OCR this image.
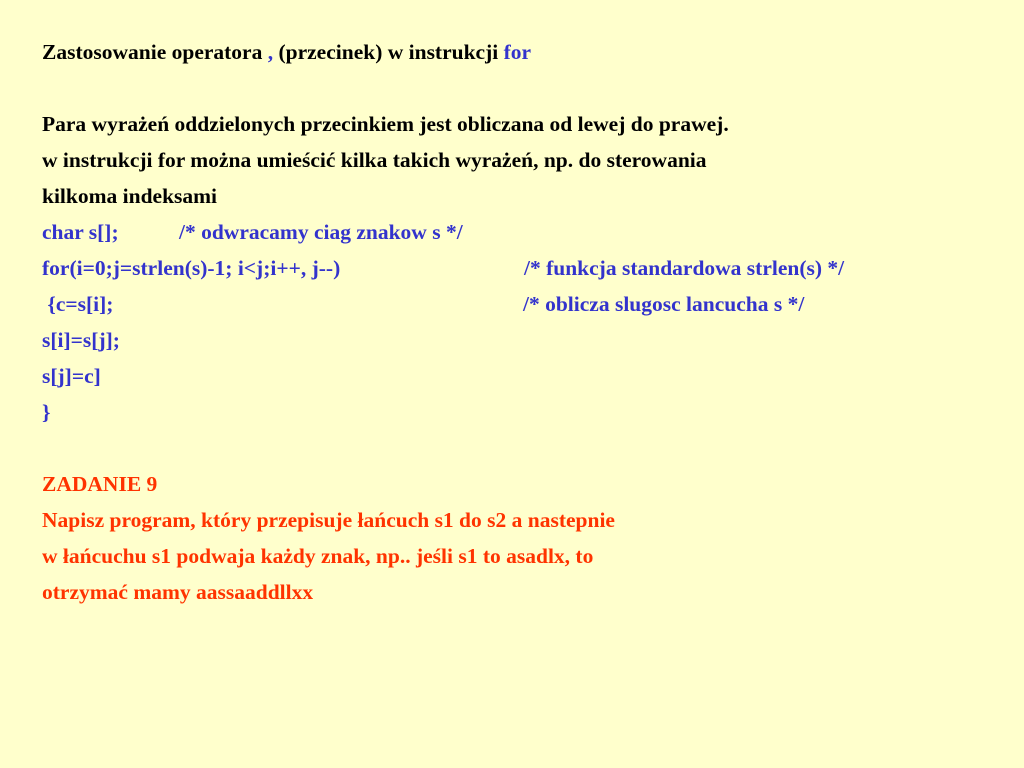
Zastosowanie operatora , (przecinek) w instrukcji for
Para wyrażeń oddzielonych przecinkiem jest obliczana od lewej do prawej.
w instrukcji for można umieścić kilka takich wyrażeń, np. do sterowania
kilkoma indeksami
char s[];	/* odwracamy ciag znakow s */
for(i=0;j=strlen(s)-1; i<j;i++, j--)	/* funkcja standardowa strlen(s) */
{c=s[i];	/* oblicza slugosc lancucha s */
s[i]=s[j];
s[j]=c]
}
ZADANIE 9
Napisz program, który przepisuje łańcuch s1 do s2 a nastepnie
w łańcuchu s1 podwaja każdy znak, np.. jeśli s1 to asadlx, to
otrzymać mamy aassaaddllxx
